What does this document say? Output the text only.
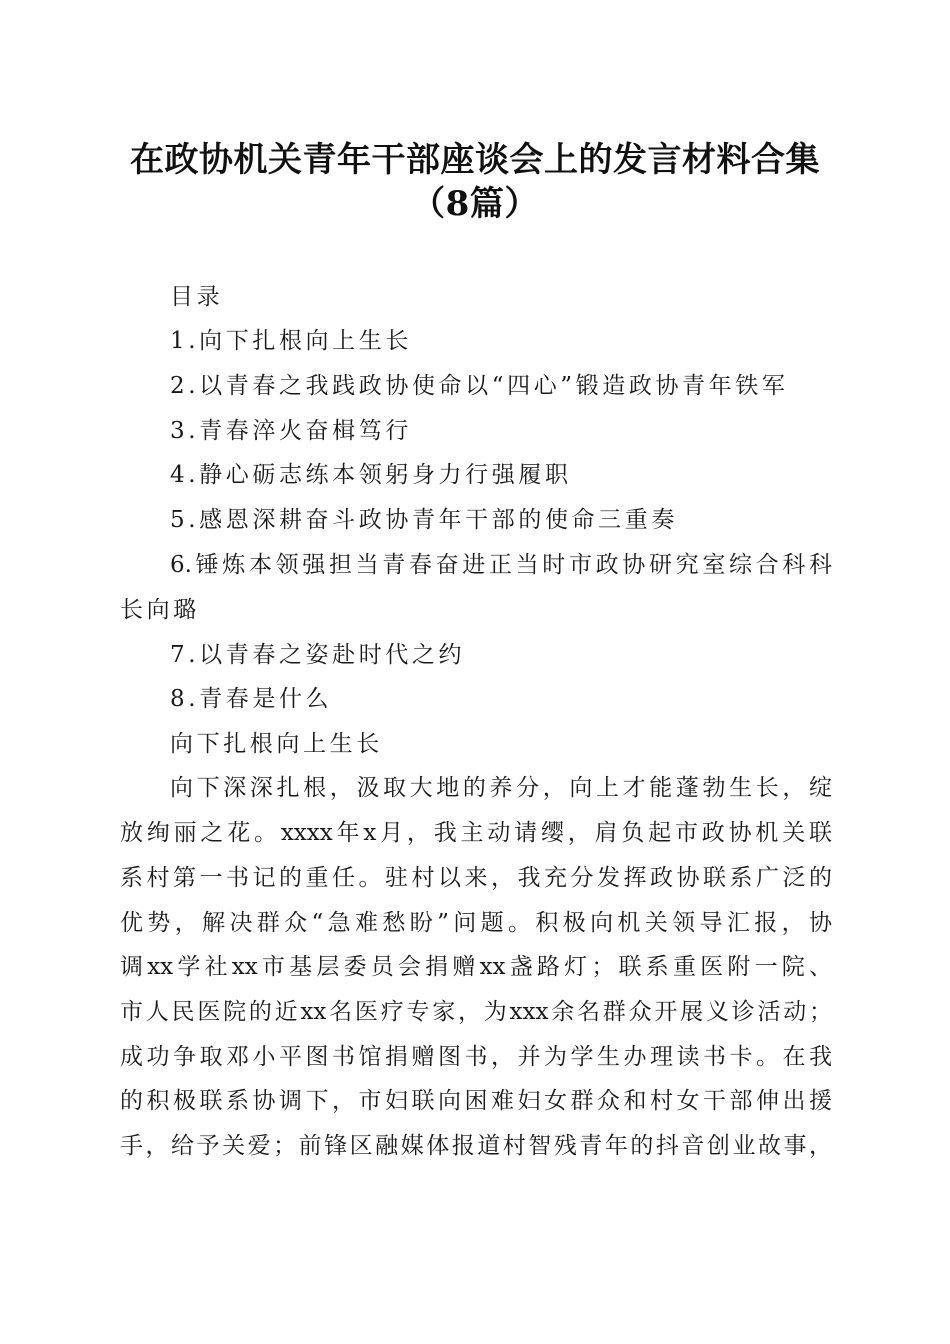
在政协机关青年干部座谈会上的发言材料合集
（8篇）
目录
1.向下扎根向上生长
2.以青春之我践政协使命以“四心”锻造政协青年铁军
3.青春淬火奋楫笃行
4.静心砺志练本领躬身力行强履职
5.感恩深耕奋斗政协青年干部的使命三重奏
6.锤炼本领强担当青春奋进正当时市政协研究室综合科科
长向璐
7.以青春之姿赴时代之约
8.青春是什么
向下扎根向上生长
向下深深扎根，汲取大地的养分，向上才能蓬勃生长，绽
放绚丽之花。xxxx年x月，我主动请缨，肩负起市政协机关联
系村第一书记的重任。驻村以来，我充分发挥政协联系广泛的
优势，解决群众“急难愁盼”问题。积极向机关领导汇报，协
调xx学社xx市基层委员会捐赠xx盏路灯；联系重医附一院、
市人民医院的近xx名医疗专家，为xxx余名群众开展义诊活动；
成功争取邓小平图书馆捐赠图书，并为学生办理读书卡。在我
的积极联系协调下，市妇联向困难妇女群众和村女干部伸出援
手，给予关爱；前锋区融媒体报道村智残青年的抖音创业故事，
